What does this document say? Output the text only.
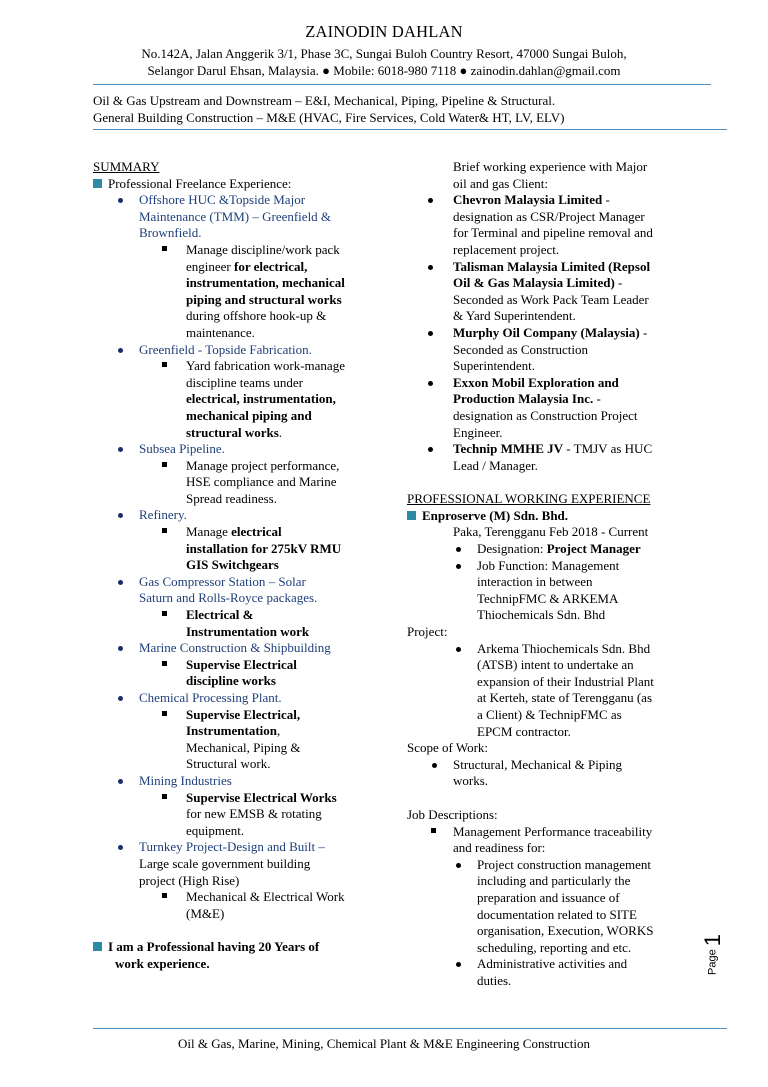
ZAINODIN DAHLAN
No.142A, Jalan Anggerik 3/1, Phase 3C, Sungai Buloh Country Resort, 47000 Sungai Buloh,
Selangor Darul Ehsan, Malaysia. ● Mobile: 6018-980 7118 ● zainodin.dahlan@gmail.com
Oil & Gas Upstream and Downstream – E&I, Mechanical, Piping, Pipeline & Structural.
General Building Construction – M&E (HVAC, Fire Services, Cold Water& HT, LV, ELV)
SUMMARY
Professional Freelance Experience:
Offshore HUC &Topside Major
Maintenance (TMM) – Greenfield &
Brownfield.
Manage discipline/work pack
engineer for electrical,
instrumentation, mechanical
piping and structural works
during offshore hook-up &
maintenance.
Greenfield - Topside Fabrication.
Yard fabrication work-manage
discipline teams under
electrical, instrumentation,
mechanical piping and
structural works.
Subsea Pipeline.
Manage project performance,
HSE compliance and Marine
Spread readiness.
Refinery.
Manage electrical
installation for 275kV RMU
GIS Switchgears
Gas Compressor Station – Solar
Saturn and Rolls-Royce packages.
Electrical &
Instrumentation work
Marine Construction & Shipbuilding
Supervise Electrical
discipline works
Chemical Processing Plant.
Supervise Electrical,
Instrumentation,
Mechanical, Piping &
Structural work.
Mining Industries
Supervise Electrical Works
for new EMSB & rotating
equipment.
Turnkey Project-Design and Built –
Large scale government building
project (High Rise)
Mechanical & Electrical Work
(M&E)
I am a Professional having 20 Years of
work experience.
Brief working experience with Major
oil and gas Client:
Chevron Malaysia Limited -
designation as CSR/Project Manager
for Terminal and pipeline removal and
replacement project.
Talisman Malaysia Limited (Repsol
Oil & Gas Malaysia Limited) -
Seconded as Work Pack Team Leader
& Yard Superintendent.
Murphy Oil Company (Malaysia) -
Seconded as Construction
Superintendent.
Exxon Mobil Exploration and
Production Malaysia Inc. -
designation as Construction Project
Engineer.
Technip MMHE JV - TMJV as HUC
Lead / Manager.
PROFESSIONAL WORKING EXPERIENCE
Enproserve (M) Sdn. Bhd.
Paka, Terengganu Feb 2018 - Current
Designation: Project Manager
Job Function: Management
interaction in between
TechnipFMC & ARKEMA
Thiochemicals Sdn. Bhd
Project:
Arkema Thiochemicals Sdn. Bhd
(ATSB) intent to undertake an
expansion of their Industrial Plant
at Kerteh, state of Terengganu (as
a Client) & TechnipFMC as
EPCM contractor.
Scope of Work:
Structural, Mechanical & Piping
works.
Job Descriptions:
Management Performance traceability
and readiness for:
Project construction management
including and particularly the
preparation and issuance of
documentation related to SITE
organisation, Execution, WORKS
scheduling, reporting and etc.
Administrative activities and
duties.
Page1
Oil & Gas, Marine, Mining, Chemical Plant & M&E Engineering Construction
